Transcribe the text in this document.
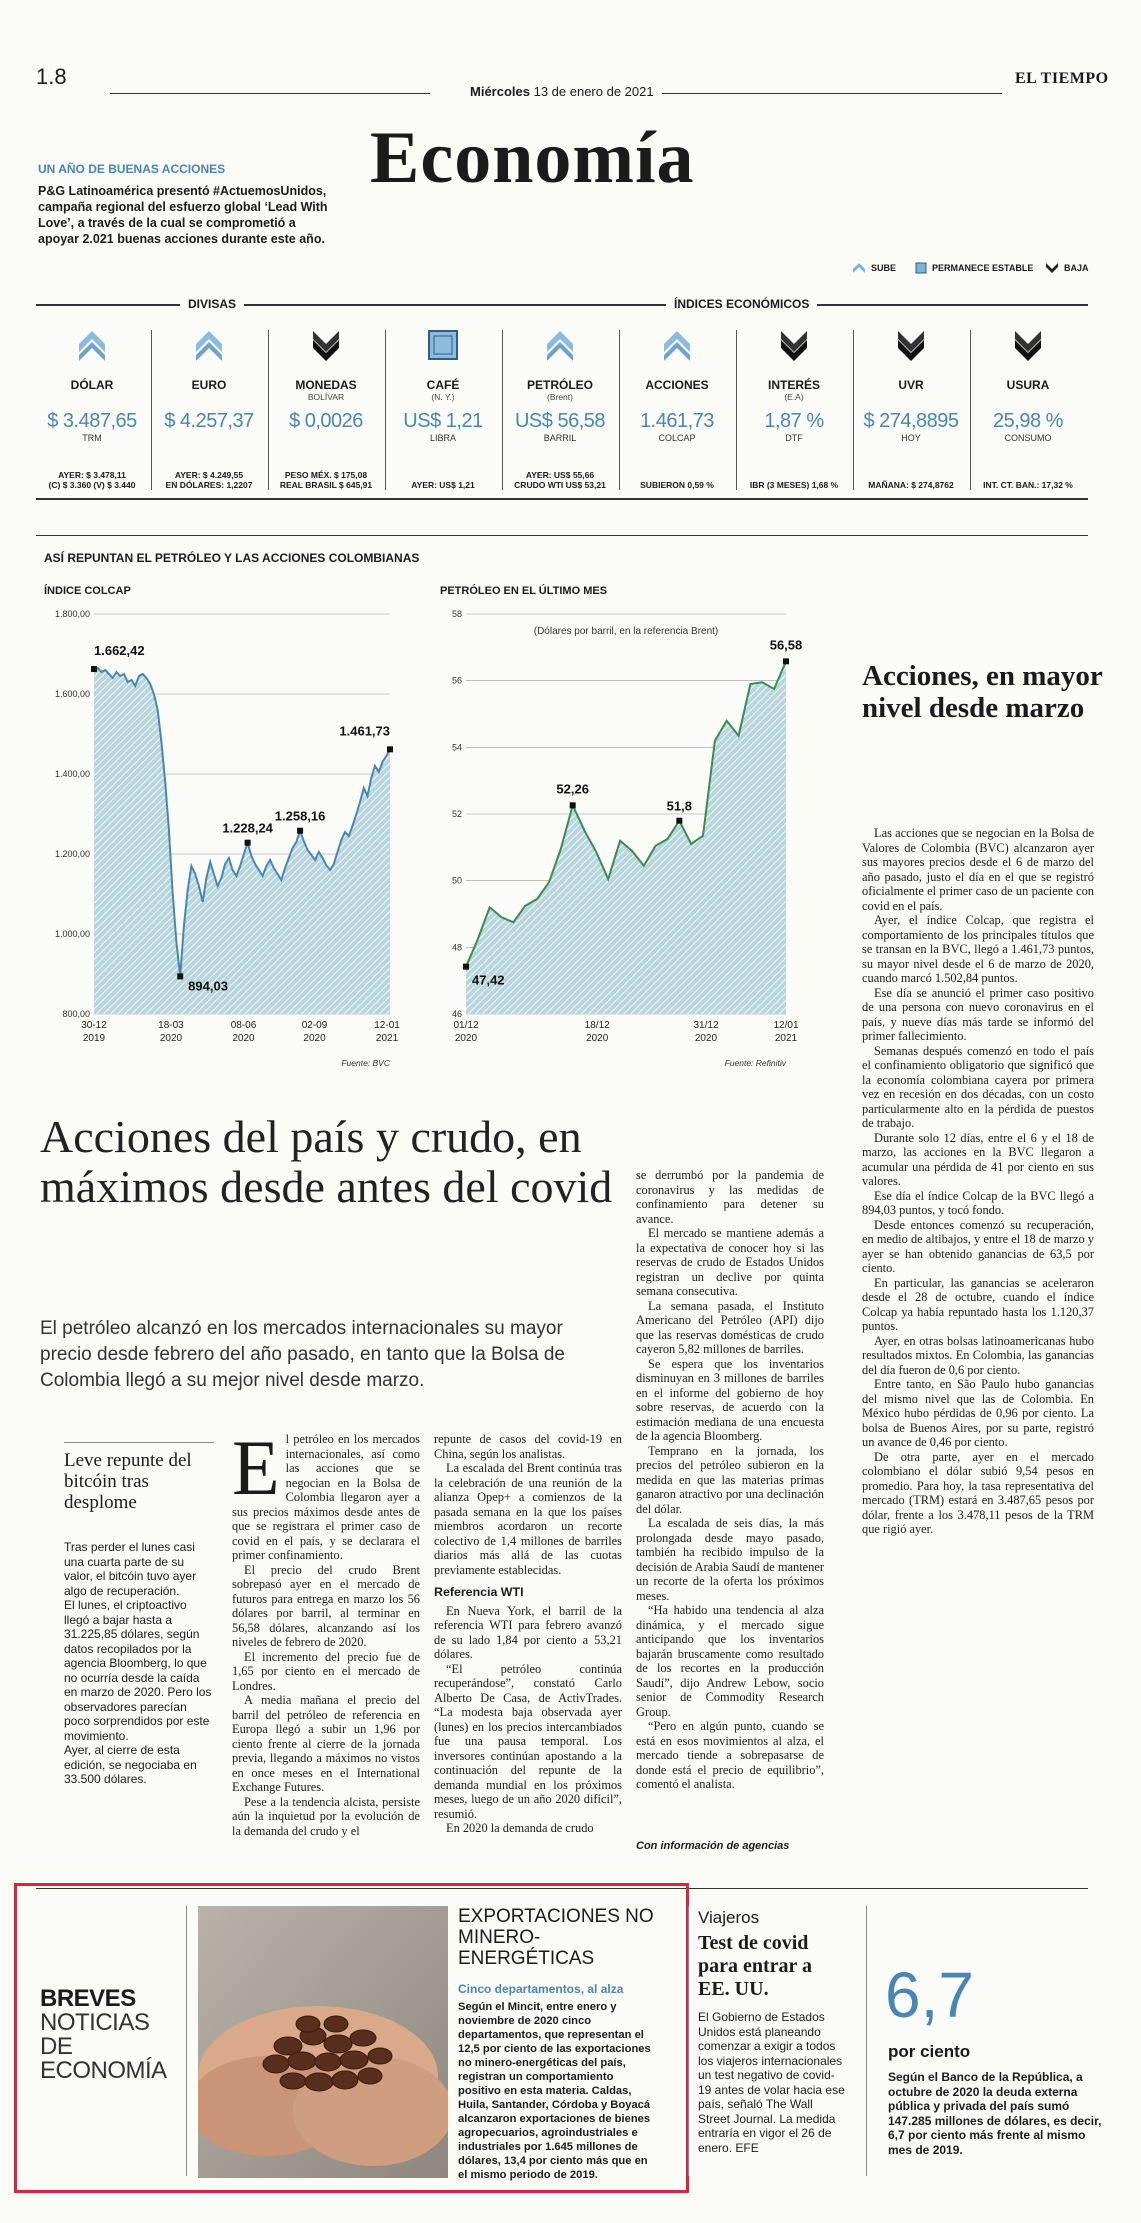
1.8
Miércoles 13 de enero de 2021
EL TIEMPO
Economía
UN AÑO DE BUENAS ACCIONES
P&G Latinoamérica presentó #ActuemosUnidos, campaña regional del esfuerzo global ‘Lead With Love’, a través de la cual se comprometió a apoyar 2.021 buenas acciones durante este año.
SUBE	PERMANECE ESTABLE	BAJA
DIVISAS	ÍNDICES ECONÓMICOS
ASÍ REPUNTAN EL PETRÓLEO Y LAS ACCIONES COLOMBIANAS
ÍNDICE COLCAP	PETRÓLEO EN EL ÚLTIMO MES
800,00
1.000,00
1.200,00
1.400,00
1.600,00
1.800,00
30-12
2019
18-03
2020
08-06
2020
02-09
2020
12-01
2021
1.662,42
894,03
1.228,24
1.258,16
1.461,73
Fuente: BVC
46
48
50
52
54
56
58
01/12
2020
18/12
2020
31/12
2020
12/01
2021
47,42
52,26
51,8
56,58
(Dólares por barril, en la referencia Brent)
Fuente: Refinitiv
Acciones, en mayor nivel desde marzo

Las acciones que se negocian en la Bolsa de Valores de Colombia (BVC) alcanzaron ayer sus mayores precios desde el 6 de marzo del año pasado, justo el día en el que se registró oficialmente el primer caso de un paciente con covid en el país.

Ayer, el índice Colcap, que registra el comportamiento de los principales títulos que se transan en la BVC, llegó a 1.461,73 puntos, su mayor nivel desde el 6 de marzo de 2020, cuando marcó 1.502,84 puntos.

Ese día se anunció el primer caso positivo de una persona con nuevo coronavirus en el país, y nueve días más tarde se informó del primer fallecimiento.

Semanas después comenzó en todo el país el confinamiento obligatorio que significó que la economía colombiana cayera por primera vez en recesión en dos décadas, con un costo particularmente alto en la pérdida de puestos de trabajo.

Durante solo 12 días, entre el 6 y el 18 de marzo, las acciones en la BVC llegaron a acumular una pérdida de 41 por ciento en sus valores.

Ese día el índice Colcap de la BVC llegó a 894,03 puntos, y tocó fondo.

Desde entonces comenzó su recuperación, en medio de altibajos, y entre el 18 de marzo y ayer se han obtenido ganancias de 63,5 por ciento.

En particular, las ganancias se aceleraron desde el 28 de octubre, cuando el índice Colcap ya había repuntado hasta los 1.120,37 puntos.

Ayer, en otras bolsas latinoamericanas hubo resultados mixtos. En Colombia, las ganancias del día fueron de 0,6 por ciento.

Entre tanto, en São Paulo hubo ganancias del mismo nivel que las de Colombia. En México hubo pérdidas de 0,96 por ciento. La bolsa de Buenos Aires, por su parte, registró un avance de 0,46 por ciento.

De otra parte, ayer en el mercado colombiano el dólar subió 9,54 pesos en promedio. Para hoy, la tasa representativa del mercado (TRM) estará en 3.487,65 pesos por dólar, frente a los 3.478,11 pesos de la TRM que rigió ayer.

Acciones del país y crudo, en máximos desde antes del covid
El petróleo alcanzó en los mercados internacionales su mayor precio desde febrero del año pasado, en tanto que la Bolsa de Colombia llegó a su mejor nivel desde marzo.
Leve repunte del bitcóin tras desplome

Tras perder el lunes casi una cuarta parte de su valor, el bitcóin tuvo ayer algo de recuperación.

El lunes, el criptoactivo llegó a bajar hasta a 31.225,85 dólares, según datos recopilados por la agencia Bloomberg, lo que no ocurría desde la caída en marzo de 2020. Pero los observadores parecían poco sorprendidos por este movimiento.

Ayer, al cierre de esta edición, se negociaba en 33.500 dólares.

E l petróleo en los mercados internacionales, así como las acciones que se negocian en la Bolsa de Colombia llegaron ayer a sus precios máximos desde antes de que se registrara el primer caso de covid en el país, y se declarara el primer confinamiento.

El precio del crudo Brent sobrepasó ayer en el mercado de futuros para entrega en marzo los 56 dólares por barril, al terminar en 56,58 dólares, alcanzando así los niveles de febrero de 2020.

El incremento del precio fue de 1,65 por ciento en el mercado de Londres.

A media mañana el precio del barril del petróleo de referencia en Europa llegó a subir un 1,96 por ciento frente al cierre de la jornada previa, llegando a máximos no vistos en once meses en el International Exchange Futures.

Pese a la tendencia alcista, persiste aún la inquietud por la evolución de la demanda del crudo y el

repunte de casos del covid-19 en China, según los analistas.

La escalada del Brent continúa tras la celebración de una reunión de la alianza Opep+ a comienzos de la pasada semana en la que los países miembros acordaron un recorte colectivo de 1,4 millones de barriles diarios más allá de las cuotas previamente establecidas.

Referencia WTI

En Nueva York, el barril de la referencia WTI para febrero avanzó de su lado 1,84 por ciento a 53,21 dólares.

“El petróleo continúa recuperándose”, constató Carlo Alberto De Casa, de ActivTrades. “La modesta baja observada ayer (lunes) en los precios intercambiados fue una pausa temporal. Los inversores continúan apostando a la continuación del repunte de la demanda mundial en los próximos meses, luego de un año 2020 difícil”, resumió.

En 2020 la demanda de crudo

se derrumbó por la pandemia de coronavirus y las medidas de confinamiento para detener su avance.

El mercado se mantiene además a la expectativa de conocer hoy si las reservas de crudo de Estados Unidos registran un declive por quinta semana consecutiva.

La semana pasada, el Instituto Americano del Petróleo (API) dijo que las reservas domésticas de crudo cayeron 5,82 millones de barriles.

Se espera que los inventarios disminuyan en 3 millones de barriles en el informe del gobierno de hoy sobre reservas, de acuerdo con la estimación mediana de una encuesta de la agencia Bloomberg.

Temprano en la jornada, los precios del petróleo subieron en la medida en que las materias primas ganaron atractivo por una declinación del dólar.

La escalada de seis días, la más prolongada desde mayo pasado, también ha recibido impulso de la decisión de Arabia Saudí de mantener un recorte de la oferta los próximos meses.

“Ha habido una tendencia al alza dinámica, y el mercado sigue anticipando que los inventarios bajarán bruscamente como resultado de los recortes en la producción Saudí”, dijo Andrew Lebow, socio senior de Commodity Research Group.

“Pero en algún punto, cuando se está en esos movimientos al alza, el mercado tiende a sobrepasarse de donde está el precio de equilibrio”, comentó el analista.

Con información de agencias
BREVES
NOTICIAS DE ECONOMÍA
EXPORTACIONES NO MINERO-ENERGÉTICAS
Cinco departamentos, al alza
Según el Mincit, entre enero y noviembre de 2020 cinco departamentos, que representan el 12,5 por ciento de las exportaciones no minero-energéticas del país, registran un comportamiento positivo en esta materia. Caldas, Huila, Santander, Córdoba y Boyacá alcanzaron exportaciones de bienes agropecuarios, agroindustriales e industriales por 1.645 millones de dólares, 13,4 por ciento más que en el mismo periodo de 2019.
Viajeros
Test de covid para entrar a EE. UU.
El Gobierno de Estados Unidos está planeando comenzar a exigir a todos los viajeros internacionales un test negativo de covid-19 antes de volar hacia ese país, señaló The Wall Street Journal. La medida entraría en vigor el 26 de enero. EFE
6,7
por ciento
Según el Banco de la República, a octubre de 2020 la deuda externa pública y privada del país sumó 147.285 millones de dólares, es decir, 6,7 por ciento más frente al mismo mes de 2019.
DÓLAR
$ 3.487,65
TRM
AYER: $ 3.478,11
(C) $ 3.360 (V) $ 3.440
EURO
$ 4.257,37
AYER: $ 4.249,55
EN DÓLARES: 1,2207
MONEDAS
BOLÍVAR
$ 0,0026
PESO MÉX. $ 175,08
REAL BRASIL $ 645,91
CAFÉ
(N. Y.)
US$ 1,21
LIBRA
AYER: US$ 1,21
PETRÓLEO
(Brent)
US$ 56,58
BARRIL
AYER: US$ 55,66
CRUDO WTI US$ 53,21
ACCIONES
1.461,73
COLCAP
SUBIERON 0,59 %
INTERÉS
(E.A)
1,87 %
DTF
IBR (3 MESES) 1,68 %
UVR
$ 274,8895
HOY
MAÑANA: $ 274,8762
USURA
25,98 %
CONSUMO
INT. CT. BAN.: 17,32 %
